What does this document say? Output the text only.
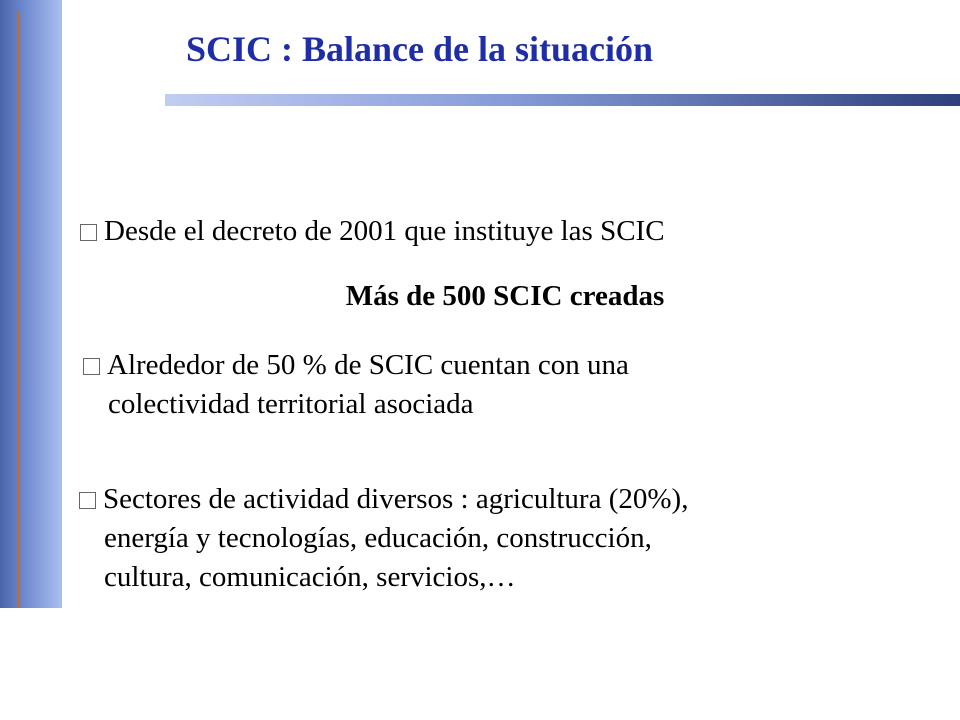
SCIC : Balance de la situación
Desde el decreto de 2001 que instituye las SCIC
Más de 500 SCIC creadas
Alrededor de 50 % de SCIC cuentan con una
colectividad territorial asociada
Sectores de actividad diversos : agricultura (20%),
energía y tecnologías, educación, construcción,
cultura, comunicación, servicios,…
